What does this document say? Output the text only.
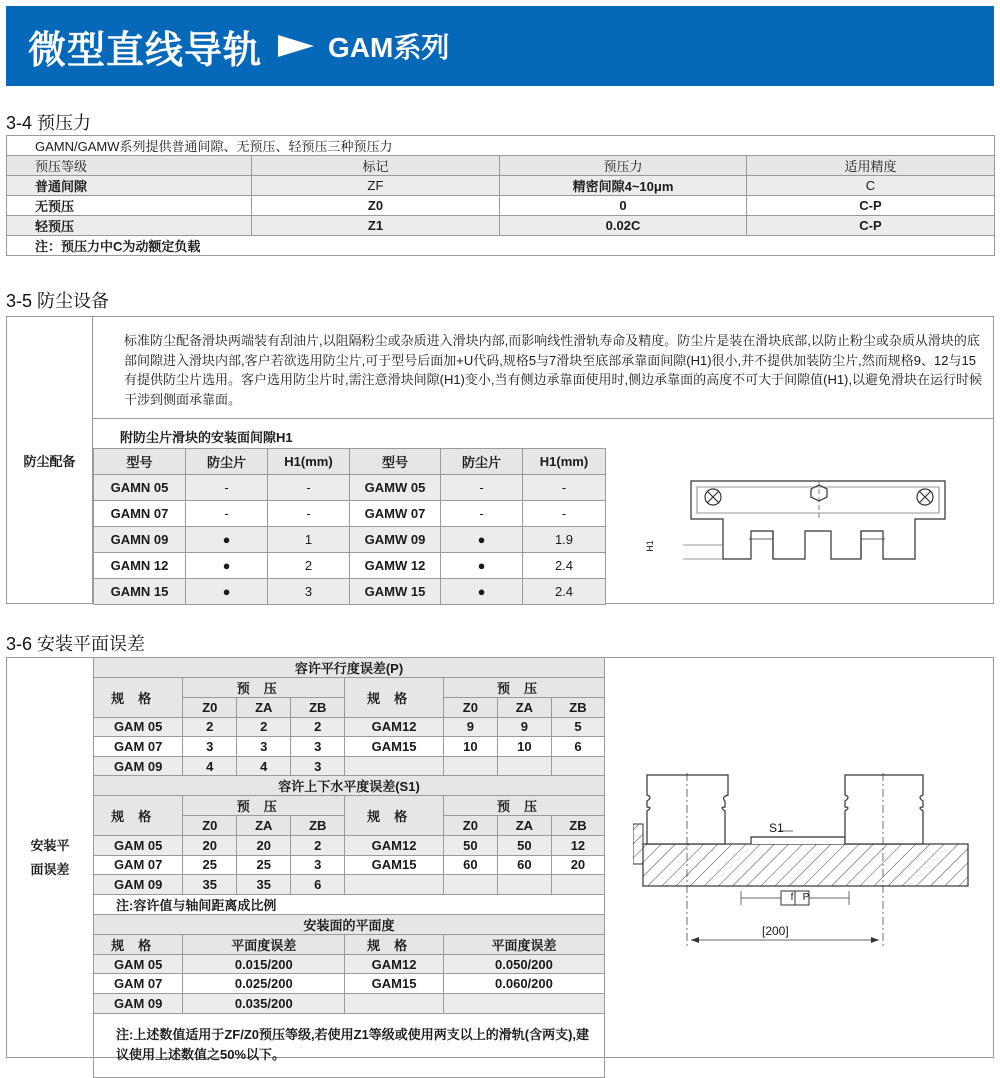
微型直线导轨 GAM系列
3-4 预压力
GAMN/GAMW系列提供普通间隙、无预压、轻预压三种预压力			
预压等级	标记	预压力	适用精度
普通间隙	ZF	精密间隙4~10μm	C
无预压	Z0	0	C-P
轻预压	Z1	0.02C	C-P
注：预压力中C为动额定负载			
3-5 防尘设备
防尘配备
标准防尘配备滑块两端装有刮油片,以阻隔粉尘或杂质进入滑块内部,而影响线性滑轨寿命及精度。防尘片是装在滑块底部,以防止粉尘或杂质从滑块的底部间隙进入滑块内部,客户若欲选用防尘片,可于型号后面加+U代码,规格5与7滑块至底部承靠面间隙(H1)很小,并不提供加装防尘片,然而规格9、12与15有提供防尘片选用。客户选用防尘片时,需注意滑块间隙(H1)变小,当有侧边承靠面使用时,侧边承靠面的高度不可大于间隙值(H1),以避免滑块在运行时候干涉到侧面承靠面。
附防尘片滑块的安装面间隙H1
型号	防尘片	H1(mm)	型号	防尘片	H1(mm)
GAMN 05	-	-	GAMW 05	-	-
GAMN 07	-	-	GAMW 07	-	-
GAMN 09	●	1	GAMW 09	●	1.9
GAMN 12	●	2	GAMW 12	●	2.4
GAMN 15	●	3	GAMW 15	●	2.4
H1
3-6 安装平面误差
安装平
面误差
容许平行度误差(P)							
规格	预压			规格	预压		
	Z0	ZA	ZB		Z0	ZA	ZB
GAM 05	2	2	2	GAM12	9	9	5
GAM 07	3	3	3	GAM15	10	10	6
GAM 09	4	4	3				
容许上下水平度误差(S1)							
规格	预压			规格	预压		
	Z0	ZA	ZB		Z0	ZA	ZB
GAM 05	20	20	2	GAM12	50	50	12
GAM 07	25	25	3	GAM15	60	60	20
GAM 09	35	35	6				
注:容许值与轴间距离成比例							
安装面的平面度							
规格	平面度误差			规格	平面度误差		
GAM 05	0.015/200			GAM12	0.050/200		
GAM 07	0.025/200			GAM15	0.060/200		
GAM 09	0.035/200						
注:上述数值适用于ZF/Z0预压等级,若使用Z1等级或使用两支以上的滑轨(含两支),建议使用上述数值之50%以下。							
S1
f P
[200]
